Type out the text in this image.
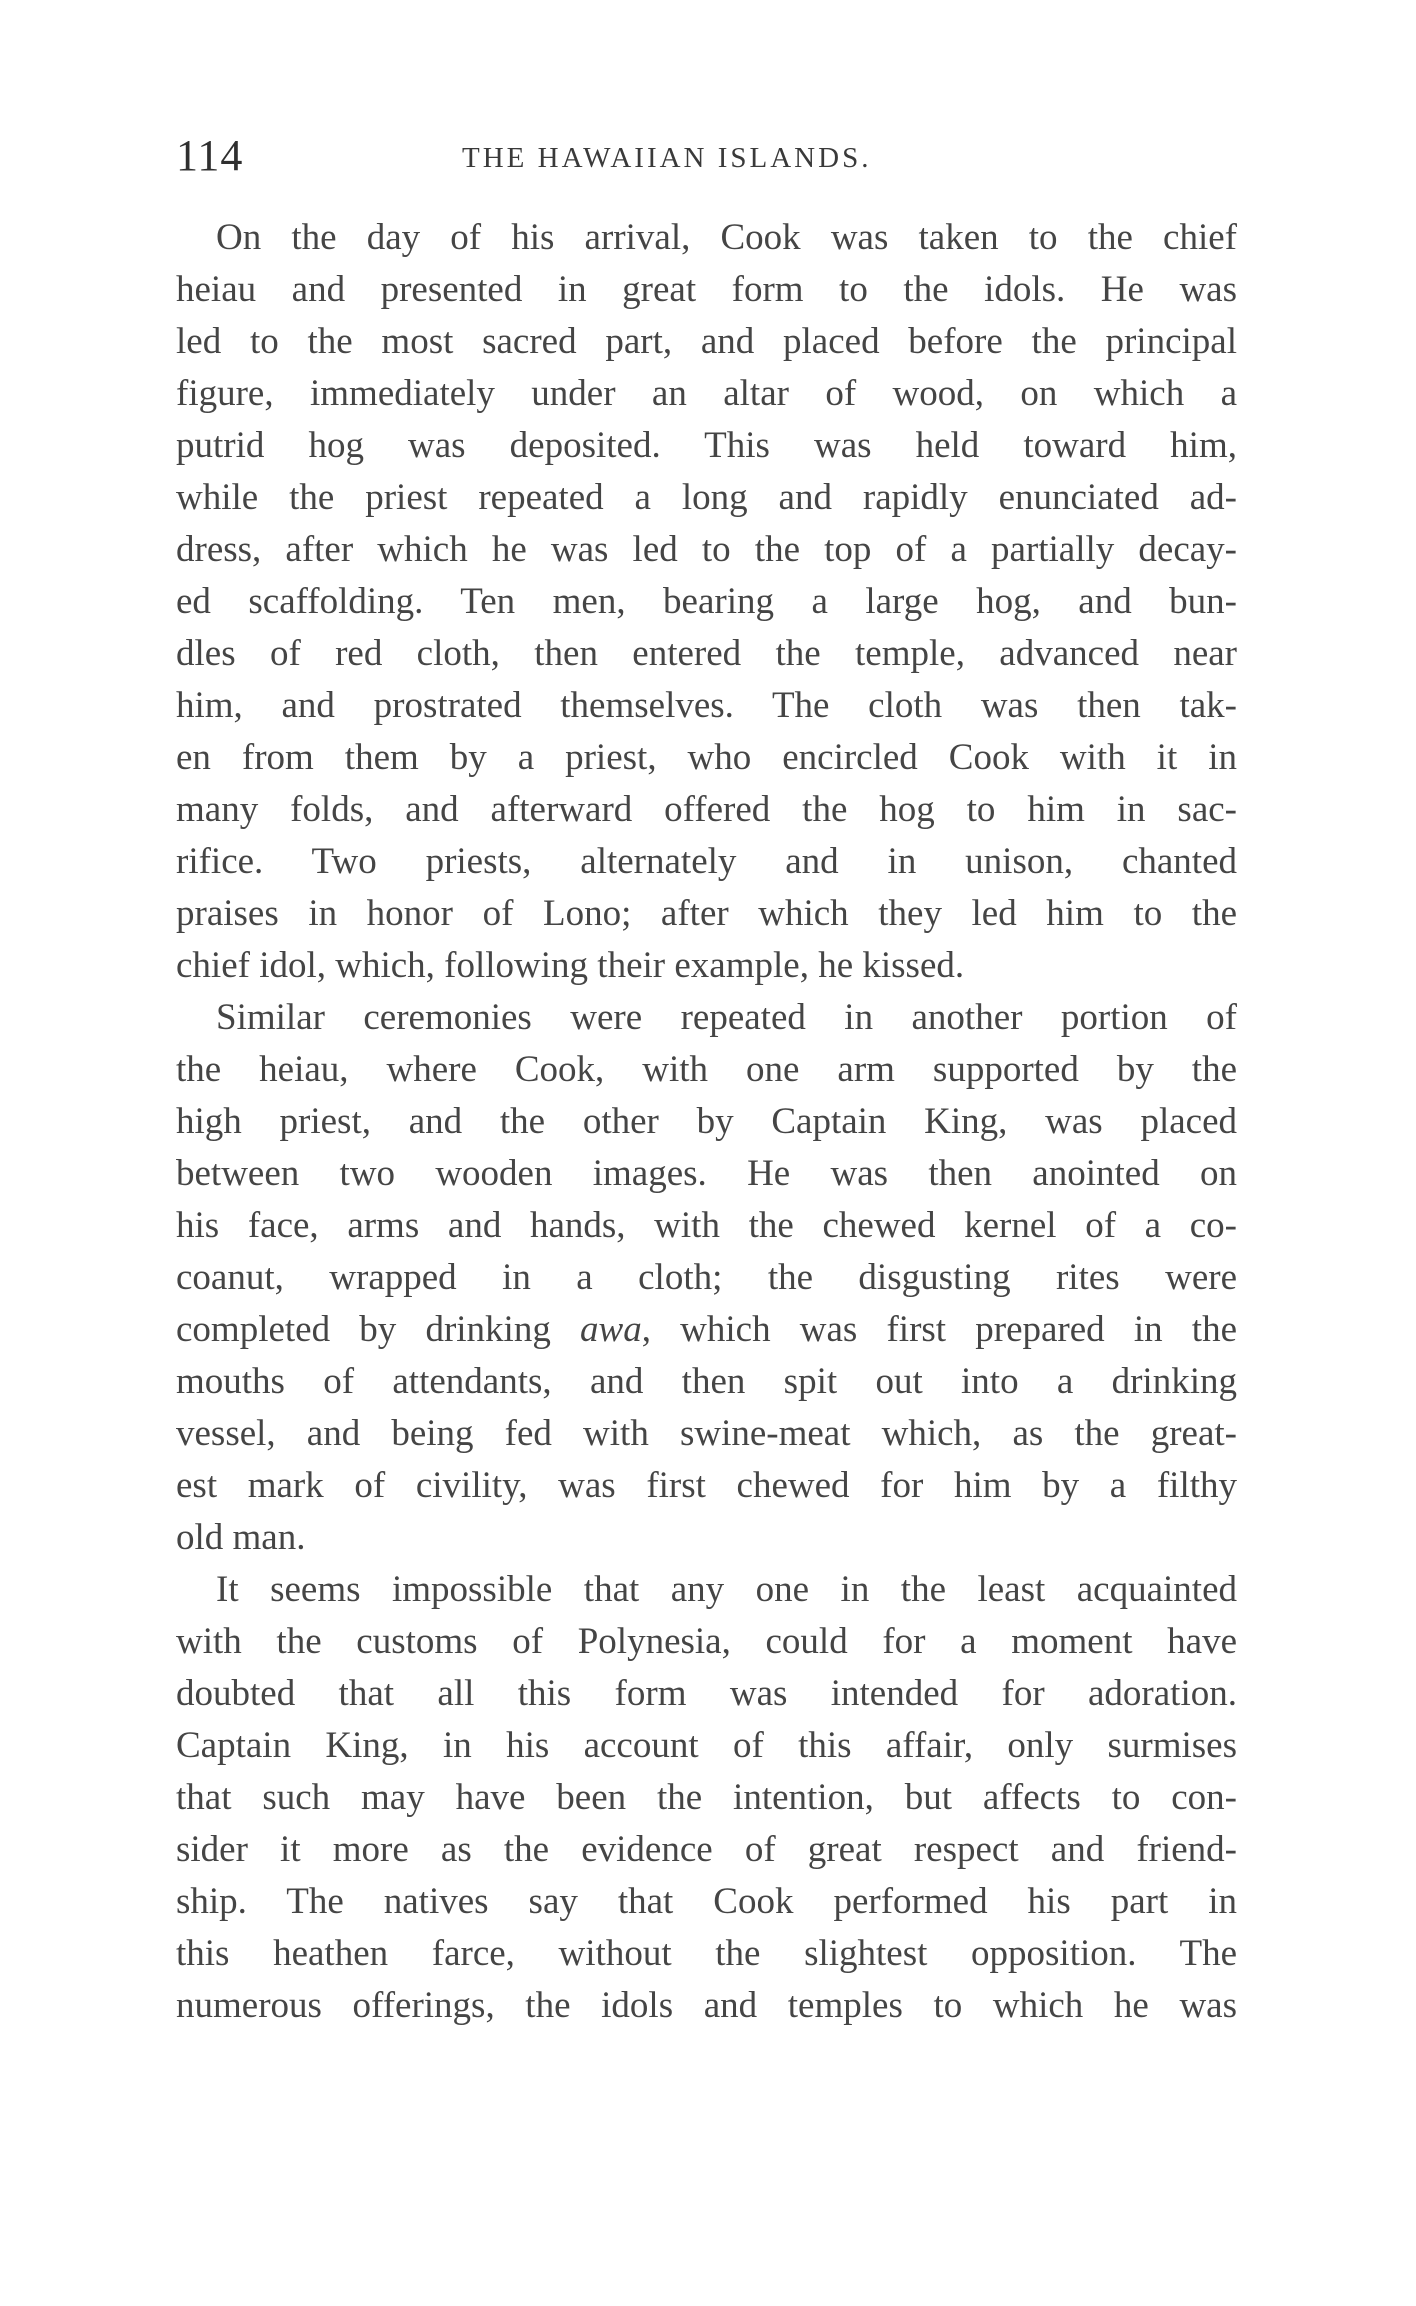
114	THE HAWAIIAN ISLANDS.
On the day of his arrival, Cook was taken to the chief
heiau and presented in great form to the idols. He was
led to the most sacred part, and placed before the principal
figure, immediately under an altar of wood, on which a
putrid hog was deposited. This was held toward him,
while the priest repeated a long and rapidly enunciated ad-
dress, after which he was led to the top of a partially decay-
ed scaffolding. Ten men, bearing a large hog, and bun-
dles of red cloth, then entered the temple, advanced near
him, and prostrated themselves. The cloth was then tak-
en from them by a priest, who encircled Cook with it in
many folds, and afterward offered the hog to him in sac-
rifice. Two priests, alternately and in unison, chanted
praises in honor of Lono; after which they led him to the
chief idol, which, following their example, he kissed.
Similar ceremonies were repeated in another portion of
the heiau, where Cook, with one arm supported by the
high priest, and the other by Captain King, was placed
between two wooden images. He was then anointed on
his face, arms and hands, with the chewed kernel of a co-
coanut, wrapped in a cloth; the disgusting rites were
completed by drinking awa, which was first prepared in the
mouths of attendants, and then spit out into a drinking
vessel, and being fed with swine-meat which, as the great-
est mark of civility, was first chewed for him by a filthy
old man.
It seems impossible that any one in the least acquainted
with the customs of Polynesia, could for a moment have
doubted that all this form was intended for adoration.
Captain King, in his account of this affair, only surmises
that such may have been the intention, but affects to con-
sider it more as the evidence of great respect and friend-
ship. The natives say that Cook performed his part in
this heathen farce, without the slightest opposition. The
numerous offerings, the idols and temples to which he was
